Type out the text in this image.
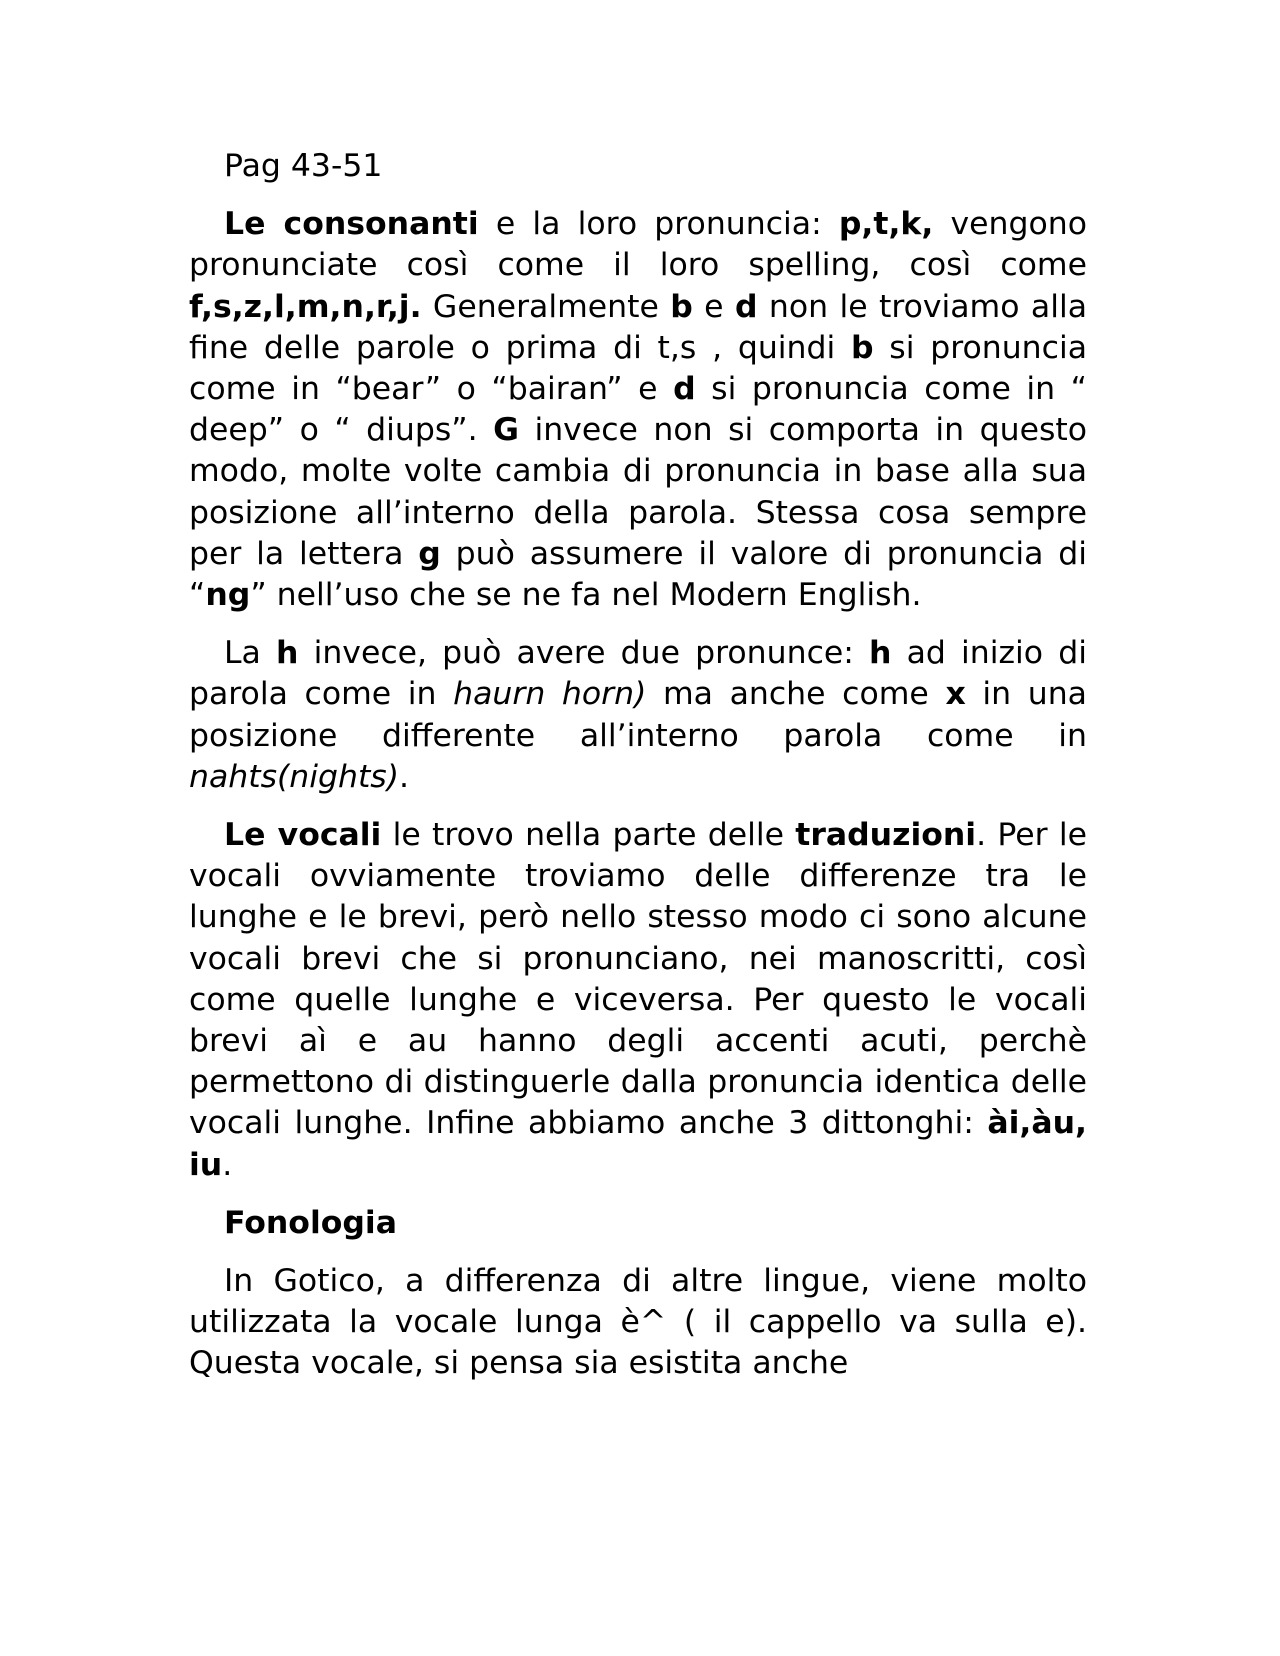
Pag 43-51

Le consonanti e la loro pronuncia: p,t,k, vengono pronunciate così come il loro spelling, così come f,s,z,l,m,n,r,j. Generalmente b e d non le troviamo alla fine delle parole o prima di t,s , quindi b si pronuncia come in “bear” o “bairan” e d si pronuncia come in “ deep” o “ diups”. G invece non si comporta in questo modo, molte volte cambia di pronuncia in base alla sua posizione all’interno della parola. Stessa cosa sempre per la lettera g può assumere il valore di pronuncia di “ng” nell’uso che se ne fa nel Modern English.

La h invece, può avere due pronunce: h ad inizio di parola come in haurn horn) ma anche come x in una posizione differente all’interno parola come in nahts(nights).

Le vocali le trovo nella parte delle traduzioni. Per le vocali ovviamente troviamo delle differenze tra le lunghe e le brevi, però nello stesso modo ci sono alcune vocali brevi che si pronunciano, nei manoscritti, così come quelle lunghe e viceversa. Per questo le vocali brevi aì e au hanno degli accenti acuti, perchè permettono di distinguerle dalla pronuncia identica delle vocali lunghe. Infine abbiamo anche 3 dittonghi: ài,àu, iu.

Fonologia

In Gotico, a differenza di altre lingue, viene molto utilizzata la vocale lunga è^ ( il cappello va sulla e). Questa vocale, si pensa sia esistita anche
